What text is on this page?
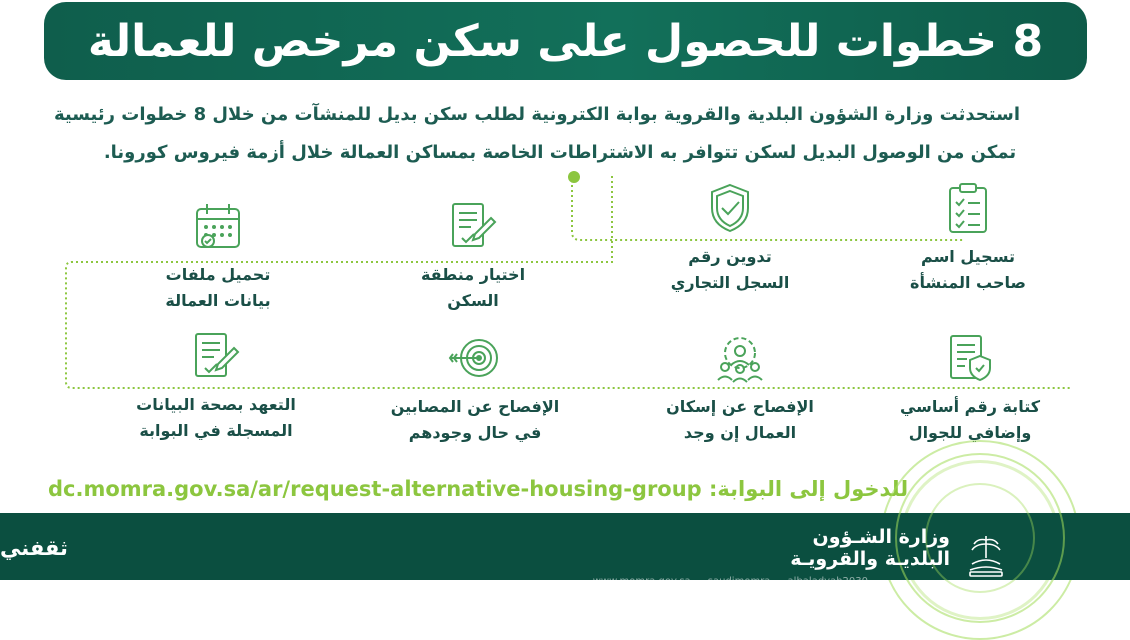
8 خطوات للحصول على سكن مرخص للعمالة

استحدثت وزارة الشؤون البلدية والقروية بوابة الكترونية لطلب سكن بديل للمنشآت من خلال 8 خطوات رئيسية

تمكن من الوصول البديل لسكن تتوافر به الاشتراطات الخاصة بمساكن العمالة خلال أزمة فيروس كورونا.

تسجيل اسم
صاحب المنشأة
تدوين رقم
السجل التجاري
اختيار منطقة
السكن
تحميل ملفات
بيانات العمالة
كتابة رقم أساسي
وإضافي للجوال
الإفصاح عن إسكان
العمال إن وجد
الإفصاح عن المصابين
في حال وجودهم
التعهد بصحة البيانات
المسجلة في البوابة
dc.momra.gov.sa/ar/request-alternative-housing-group للدخول إلى البوابة:
www.momra.gov.sa saudimomra albaladyah2030
ثقفني	وزارة الشـؤون
البلديـة والقرويـة
